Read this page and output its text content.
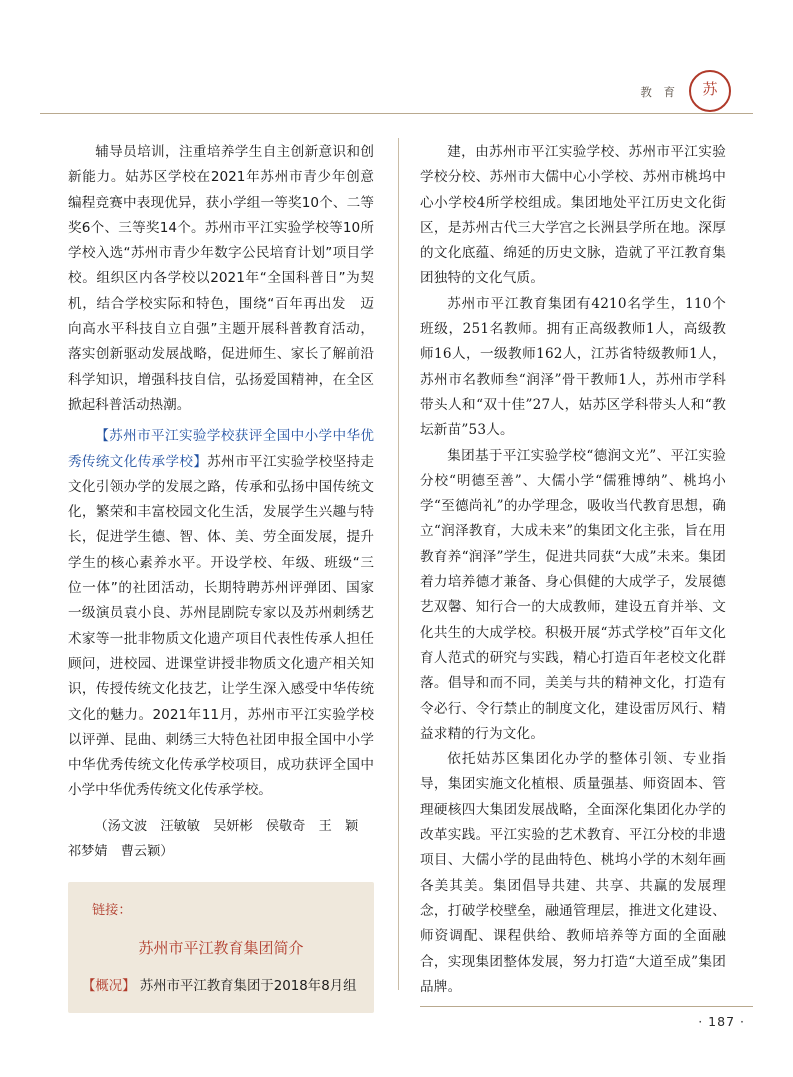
教 育	苏

辅导员培训，注重培养学生自主创新意识和创新能力。姑苏区学校在2021年苏州市青少年创意编程竞赛中表现优异，获小学组一等奖10个、二等奖6个、三等奖14个。苏州市平江实验学校等10所学校入选“苏州市青少年数字公民培育计划”项目学校。组织区内各学校以2021年“全国科普日”为契机，结合学校实际和特色，围绕“百年再出发　迈向高水平科技自立自强”主题开展科普教育活动，落实创新驱动发展战略，促进师生、家长了解前沿科学知识，增强科技自信，弘扬爱国精神，在全区掀起科普活动热潮。

【苏州市平江实验学校获评全国中小学中华优秀传统文化传承学校】苏州市平江实验学校坚持走文化引领办学的发展之路，传承和弘扬中国传统文化，繁荣和丰富校园文化生活，发展学生兴趣与特长，促进学生德、智、体、美、劳全面发展，提升学生的核心素养水平。开设学校、年级、班级“三位一体”的社团活动，长期特聘苏州评弹团、国家一级演员袁小良、苏州昆剧院专家以及苏州刺绣艺术家等一批非物质文化遗产项目代表性传承人担任顾问，进校园、进课堂讲授非物质文化遗产相关知识，传授传统文化技艺，让学生深入感受中华传统文化的魅力。2021年11月，苏州市平江实验学校以评弹、昆曲、刺绣三大特色社团申报全国中小学中华优秀传统文化传承学校项目，成功获评全国中小学中华优秀传统文化传承学校。

（汤文波　汪敏敏　吴妍彬　侯敬奇　王　颖　祁梦婧　曹云颖）

链接：

苏州市平江教育集团简介

【概况】 苏州市平江教育集团于2018年8月组

建，由苏州市平江实验学校、苏州市平江实验学校分校、苏州市大儒中心小学校、苏州市桃坞中心小学校4所学校组成。集团地处平江历史文化街区，是苏州古代三大学宫之长洲县学所在地。深厚的文化底蕴、绵延的历史文脉，造就了平江教育集团独特的文化气质。

苏州市平江教育集团有4210名学生，110个班级，251名教师。拥有正高级教师1人，高级教师16人，一级教师162人，江苏省特级教师1人，苏州市名教师叁“润泽”骨干教师1人，苏州市学科带头人和“双十佳”27人，姑苏区学科带头人和“教坛新苗”53人。

集团基于平江实验学校“德润文光”、平江实验分校“明德至善”、大儒小学“儒雅博纳”、桃坞小学“至德尚礼”的办学理念，吸收当代教育思想，确立“润泽教育，大成未来”的集团文化主张，旨在用教育养“润泽”学生，促进共同获“大成”未来。集团着力培养德才兼备、身心俱健的大成学子，发展德艺双馨、知行合一的大成教师，建设五育并举、文化共生的大成学校。积极开展“苏式学校”百年文化育人范式的研究与实践，精心打造百年老校文化群落。倡导和而不同，美美与共的精神文化，打造有令必行、令行禁止的制度文化，建设雷厉风行、精益求精的行为文化。

依托姑苏区集团化办学的整体引领、专业指导，集团实施文化植根、质量强基、师资固本、管理硬核四大集团发展战略，全面深化集团化办学的改革实践。平江实验的艺术教育、平江分校的非遗项目、大儒小学的昆曲特色、桃坞小学的木刻年画各美其美。集团倡导共建、共享、共赢的发展理念，打破学校壁垒，融通管理层，推进文化建设、师资调配、课程供给、教师培养等方面的全面融合，实现集团整体发展，努力打造“大道至成”集团品牌。

· 187 ·
